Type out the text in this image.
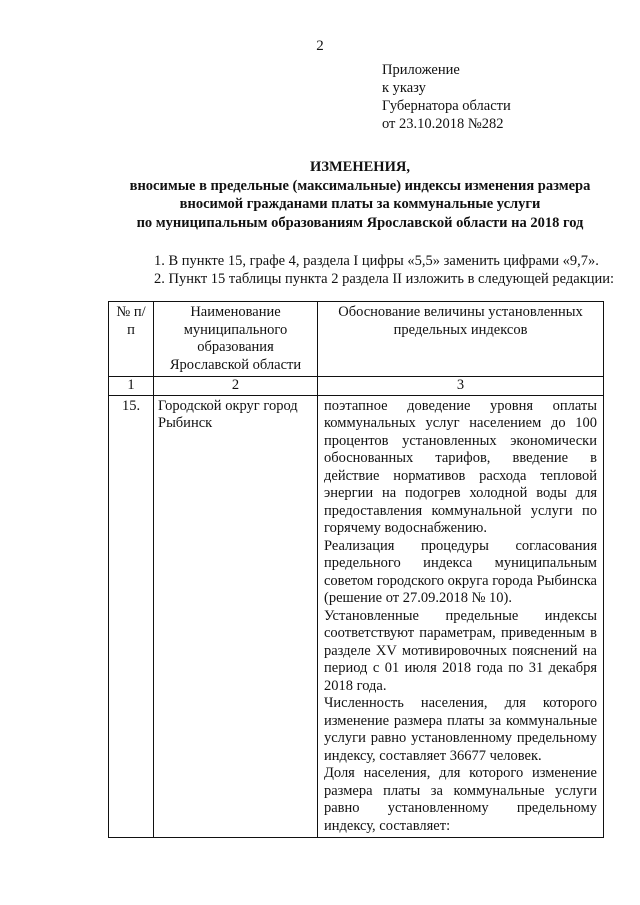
2
Приложение
к указу
Губернатора области
от 23.10.2018 №282
ИЗМЕНЕНИЯ,
вносимые в предельные (максимальные) индексы изменения размера
вносимой гражданами платы за коммунальные услуги
по муниципальным образованиям Ярославской области на 2018 год
1. В пункте 15, графе 4, раздела I цифры «5,5» заменить цифрами «9,7».
2. Пункт 15 таблицы пункта 2 раздела II изложить в следующей редакции:
№ п/п	Наименование муниципального образования Ярославской области	Обоснование величины установленных предельных индексов
1	2	3
15.	Городской округ город Рыбинск	поэтапное доведение уровня оплаты коммунальных услуг населением до 100 процентов установленных экономически обоснованных тарифов, введение в действие нормативов расхода тепловой энергии на подогрев холодной воды для предоставления коммунальной услуги по горячему водоснабжению.

Реализация процедуры согласования предельного индекса муниципальным советом городского округа города Рыбинска (решение от 27.09.2018 № 10).

Установленные предельные индексы соответствуют параметрам, приведенным в разделе XV мотивировочных пояснений на период с 01 июля 2018 года по 31 декабря 2018 года.

Численность населения, для которого изменение размера платы за коммунальные услуги равно установленному предельному индексу, составляет 36677 человек.

Доля населения, для которого изменение размера платы за коммунальные услуги равно установленному предельному индексу, составляет:
